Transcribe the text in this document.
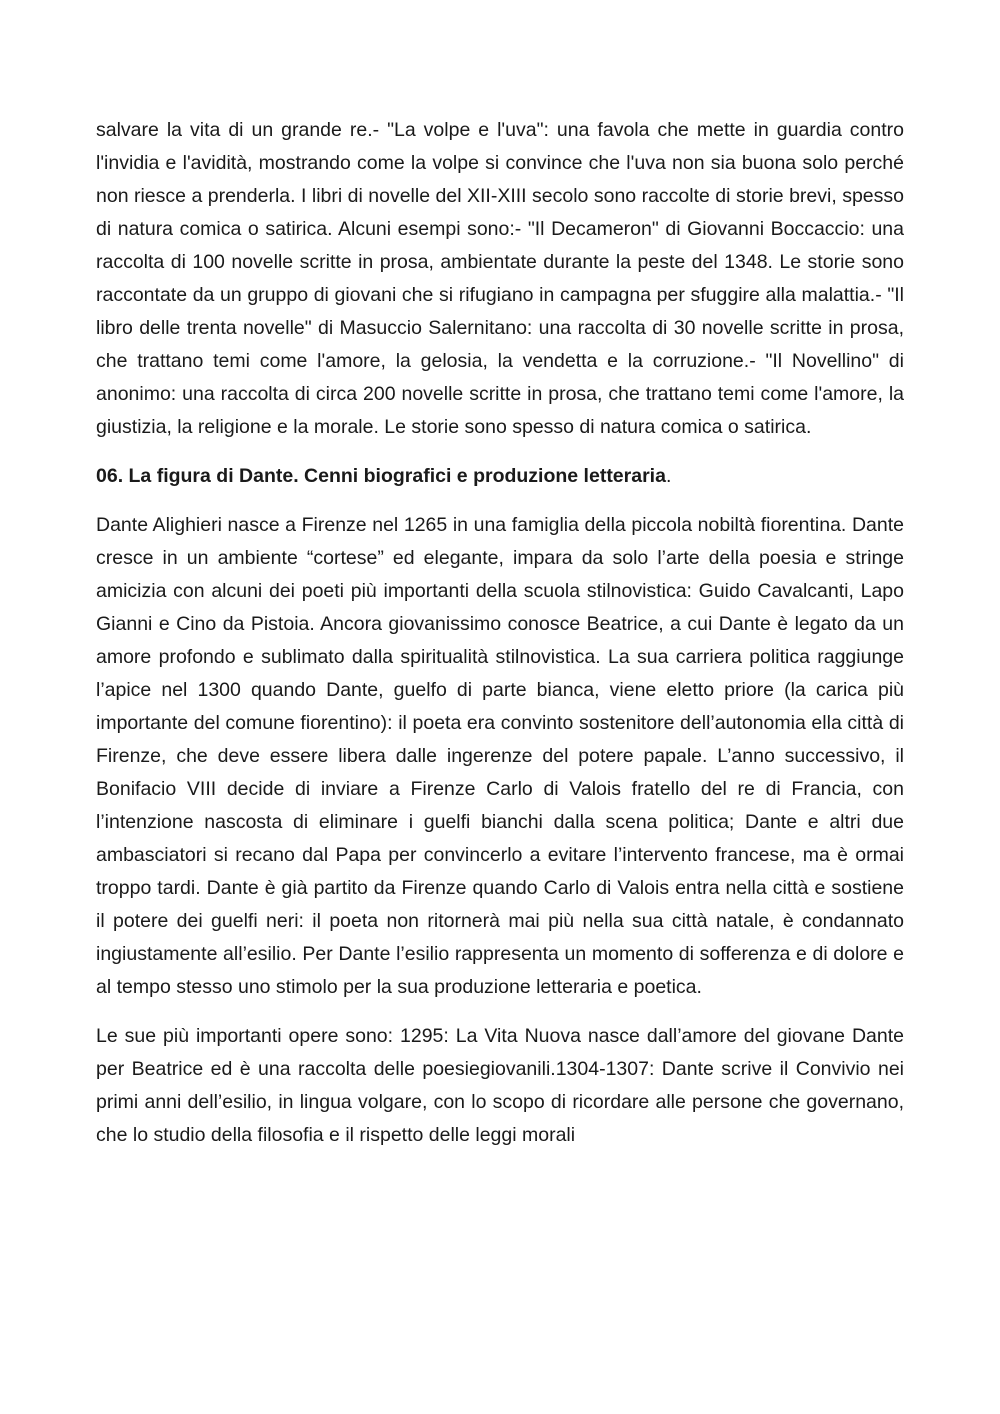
salvare la vita di un grande re.- "La volpe e l'uva": una favola che mette in guardia contro l'invidia e l'avidità, mostrando come la volpe si convince che l'uva non sia buona solo perché non riesce a prenderla. I libri di novelle del XII-XIII secolo sono raccolte di storie brevi, spesso di natura comica o satirica. Alcuni esempi sono:- "Il Decameron" di Giovanni Boccaccio: una raccolta di 100 novelle scritte in prosa, ambientate durante la peste del 1348. Le storie sono raccontate da un gruppo di giovani che si rifugiano in campagna per sfuggire alla malattia.- "Il libro delle trenta novelle" di Masuccio Salernitano: una raccolta di 30 novelle scritte in prosa, che trattano temi come l'amore, la gelosia, la vendetta e la corruzione.- "Il Novellino" di anonimo: una raccolta di circa 200 novelle scritte in prosa, che trattano temi come l'amore, la giustizia, la religione e la morale. Le storie sono spesso di natura comica o satirica.

06. La figura di Dante. Cenni biografici e produzione letteraria.

Dante Alighieri nasce a Firenze nel 1265 in una famiglia della piccola nobiltà fiorentina. Dante cresce in un ambiente “cortese” ed elegante, impara da solo l’arte della poesia e stringe amicizia con alcuni dei poeti più importanti della scuola stilnovistica: Guido Cavalcanti, Lapo Gianni e Cino da Pistoia. Ancora giovanissimo conosce Beatrice, a cui Dante è legato da un amore profondo e sublimato dalla spiritualità stilnovistica. La sua carriera politica raggiunge l’apice nel 1300 quando Dante, guelfo di parte bianca, viene eletto priore (la carica più importante del comune fiorentino): il poeta era convinto sostenitore dell’autonomia ella città di Firenze, che deve essere libera dalle ingerenze del potere papale. L’anno successivo, il Bonifacio VIII decide di inviare a Firenze Carlo di Valois fratello del re di Francia, con l’intenzione nascosta di eliminare i guelfi bianchi dalla scena politica; Dante e altri due ambasciatori si recano dal Papa per convincerlo a evitare l’intervento francese, ma è ormai troppo tardi. Dante è già partito da Firenze quando Carlo di Valois entra nella città e sostiene il potere dei guelfi neri: il poeta non ritornerà mai più nella sua città natale, è condannato ingiustamente all’esilio. Per Dante l’esilio rappresenta un momento di sofferenza e di dolore e al tempo stesso uno stimolo per la sua produzione letteraria e poetica.

Le sue più importanti opere sono: 1295: La Vita Nuova nasce dall’amore del giovane Dante per Beatrice ed è una raccolta delle poesiegiovanili.1304-1307: Dante scrive il Convivio nei primi anni dell’esilio, in lingua volgare, con lo scopo di ricordare alle persone che governano, che lo studio della filosofia e il rispetto delle leggi morali
